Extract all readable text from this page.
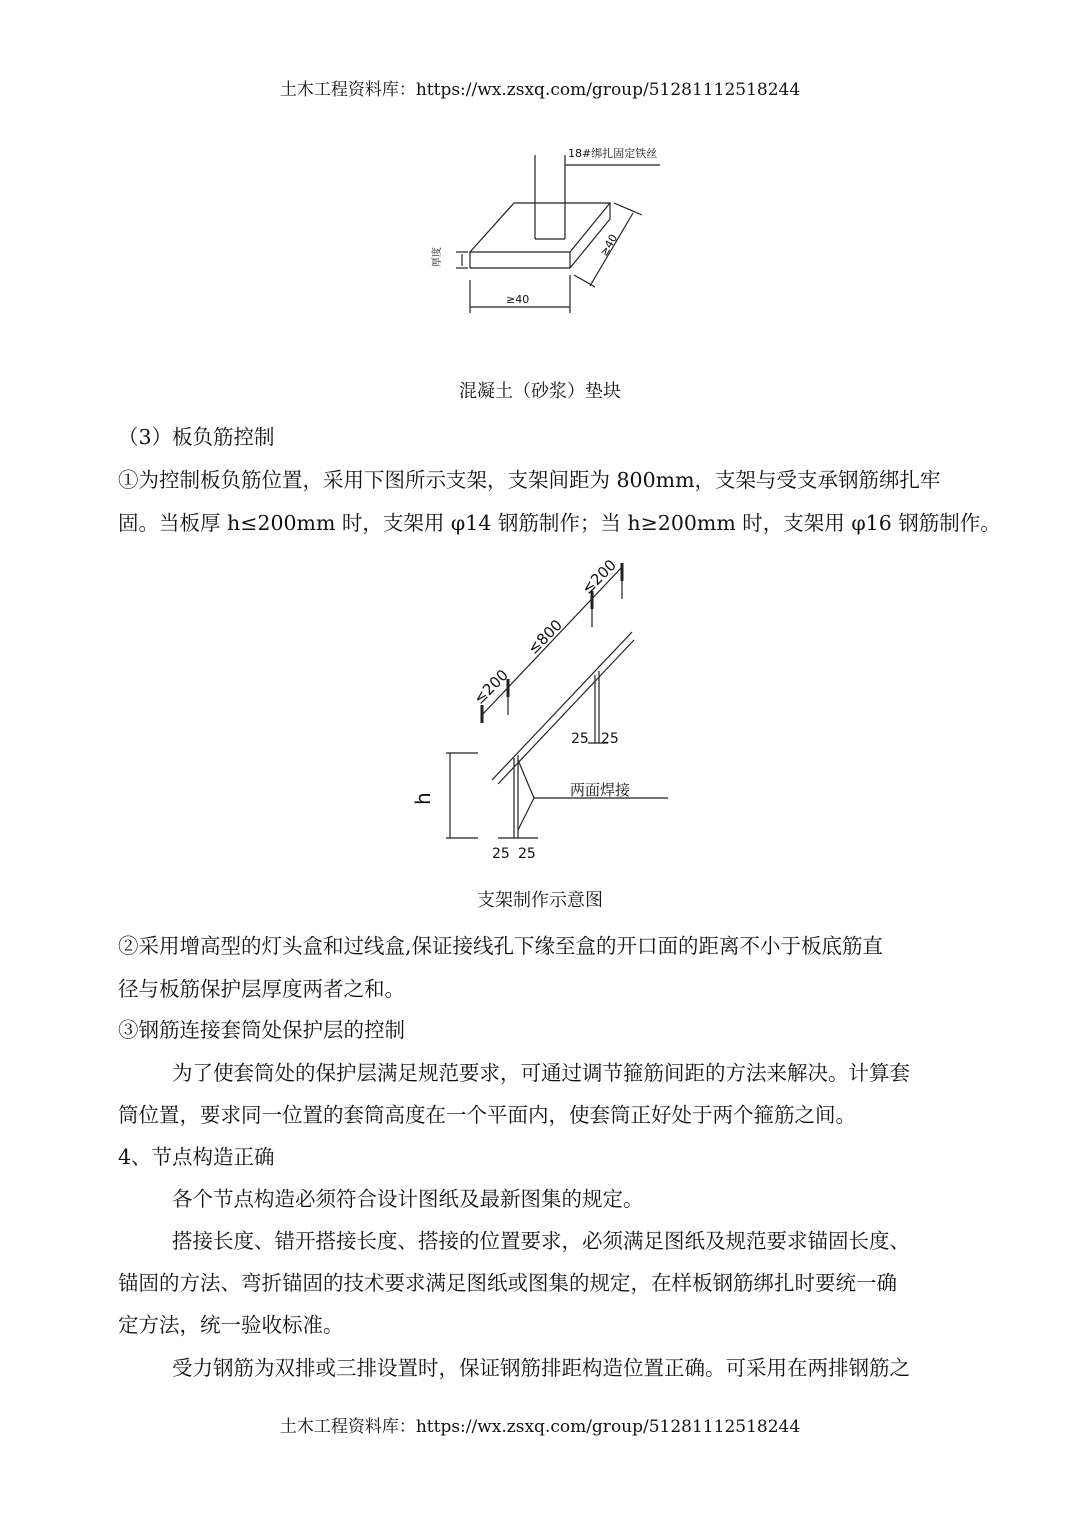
土木工程资料库：https://wx.zsxq.com/group/51281112518244
18#绑扎固定铁丝
厚度
≥40
≥40
混凝土（砂浆）垫块
（3）板负筋控制
①为控制板负筋位置，采用下图所示支架，支架间距为 800mm，支架与受支承钢筋绑扎牢
固。当板厚 h≤200mm 时，支架用 φ14 钢筋制作；当 h≥200mm 时，支架用 φ16 钢筋制作。
≤200
≤800
≤200
h	两面焊接
25 25
25 25
支架制作示意图
②采用增高型的灯头盒和过线盒,保证接线孔下缘至盒的开口面的距离不小于板底筋直
径与板筋保护层厚度两者之和。
③钢筋连接套筒处保护层的控制
为了使套筒处的保护层满足规范要求，可通过调节箍筋间距的方法来解决。计算套
筒位置，要求同一位置的套筒高度在一个平面内，使套筒正好处于两个箍筋之间。
4、节点构造正确
各个节点构造必须符合设计图纸及最新图集的规定。
搭接长度、错开搭接长度、搭接的位置要求，必须满足图纸及规范要求锚固长度、
锚固的方法、弯折锚固的技术要求满足图纸或图集的规定，在样板钢筋绑扎时要统一确
定方法，统一验收标准。
受力钢筋为双排或三排设置时，保证钢筋排距构造位置正确。可采用在两排钢筋之
土木工程资料库：https://wx.zsxq.com/group/51281112518244
